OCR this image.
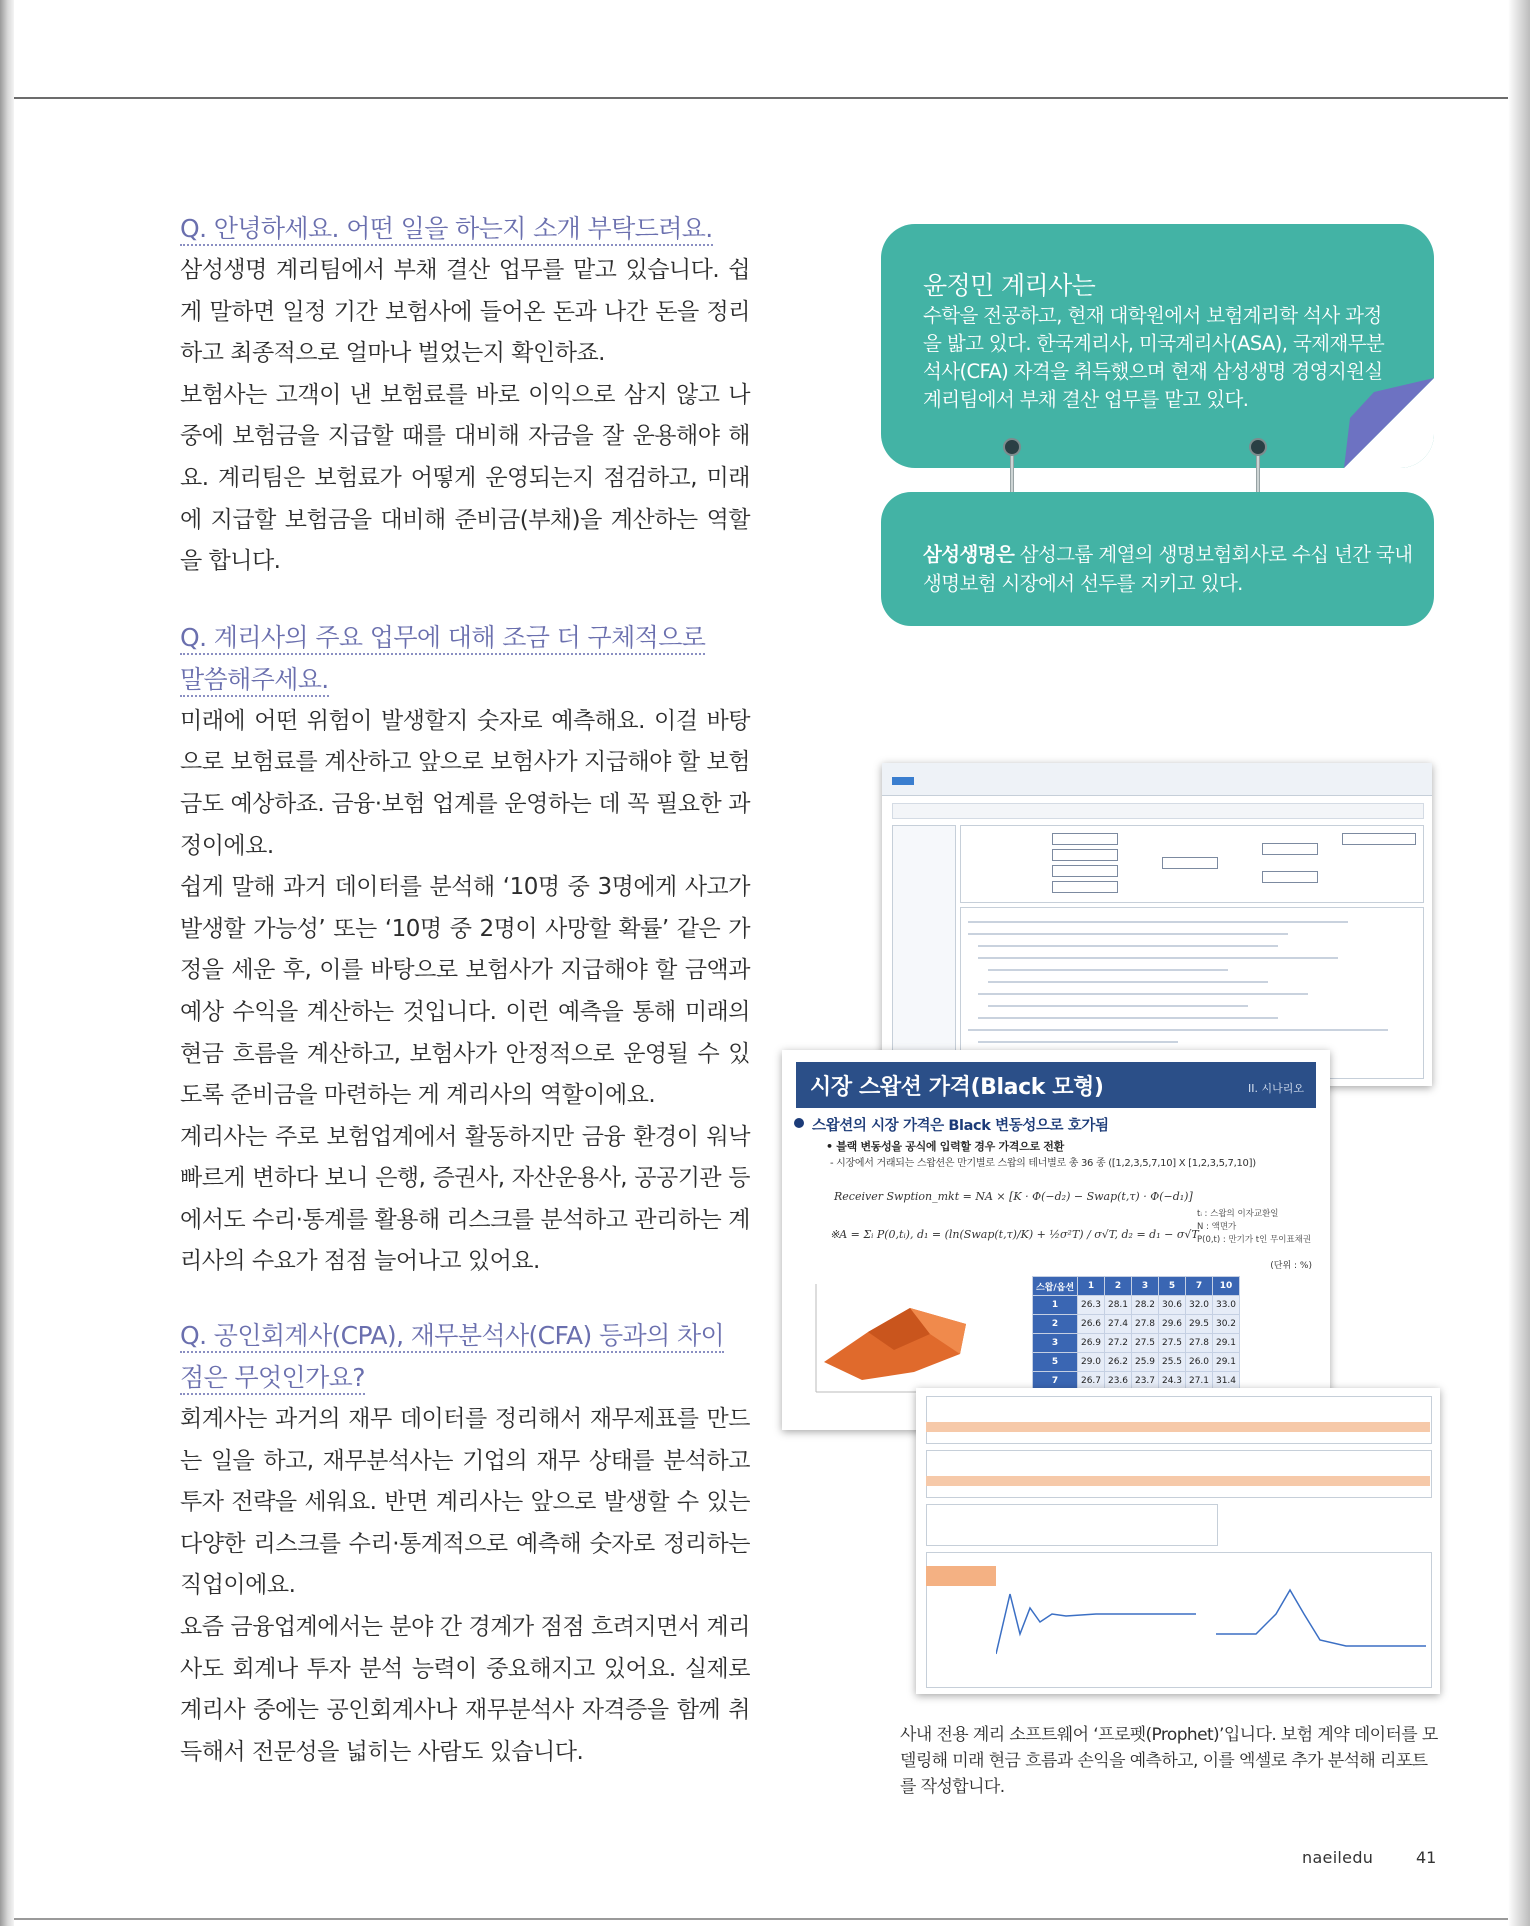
Q. 안녕하세요. 어떤 일을 하는지 소개 부탁드려요.

삼성생명 계리팀에서 부채 결산 업무를 맡고 있습니다. 쉽게 말하면 일정 기간 보험사에 들어온 돈과 나간 돈을 정리하고 최종적으로 얼마나 벌었는지 확인하죠.

보험사는 고객이 낸 보험료를 바로 이익으로 삼지 않고 나중에 보험금을 지급할 때를 대비해 자금을 잘 운용해야 해요. 계리팀은 보험료가 어떻게 운영되는지 점검하고, 미래에 지급할 보험금을 대비해 준비금(부채)을 계산하는 역할을 합니다.

Q. 계리사의 주요 업무에 대해 조금 더 구체적으로
말씀해주세요.

미래에 어떤 위험이 발생할지 숫자로 예측해요. 이걸 바탕으로 보험료를 계산하고 앞으로 보험사가 지급해야 할 보험금도 예상하죠. 금융·보험 업계를 운영하는 데 꼭 필요한 과정이에요.

쉽게 말해 과거 데이터를 분석해 ‘10명 중 3명에게 사고가 발생할 가능성’ 또는 ‘10명 중 2명이 사망할 확률’ 같은 가정을 세운 후, 이를 바탕으로 보험사가 지급해야 할 금액과 예상 수익을 계산하는 것입니다. 이런 예측을 통해 미래의 현금 흐름을 계산하고, 보험사가 안정적으로 운영될 수 있도록 준비금을 마련하는 게 계리사의 역할이에요.

계리사는 주로 보험업계에서 활동하지만 금융 환경이 워낙 빠르게 변하다 보니 은행, 증권사, 자산운용사, 공공기관 등에서도 수리·통계를 활용해 리스크를 분석하고 관리하는 계리사의 수요가 점점 늘어나고 있어요.

Q. 공인회계사(CPA), 재무분석사(CFA) 등과의 차이
점은 무엇인가요?

회계사는 과거의 재무 데이터를 정리해서 재무제표를 만드는 일을 하고, 재무분석사는 기업의 재무 상태를 분석하고 투자 전략을 세워요. 반면 계리사는 앞으로 발생할 수 있는 다양한 리스크를 수리·통계적으로 예측해 숫자로 정리하는 직업이에요.

요즘 금융업계에서는 분야 간 경계가 점점 흐려지면서 계리사도 회계나 투자 분석 능력이 중요해지고 있어요. 실제로 계리사 중에는 공인회계사나 재무분석사 자격증을 함께 취득해서 전문성을 넓히는 사람도 있습니다.

윤정민 계리사는
수학을 전공하고, 현재 대학원에서 보험계리학 석사 과정을 밟고 있다. 한국계리사, 미국계리사(ASA), 국제재무분석사(CFA) 자격을 취득했으며 현재 삼성생명 경영지원실 계리팀에서 부채 결산 업무를 맡고 있다.
삼성생명은 삼성그룹 계열의 생명보험회사로 수십 년간 국내 생명보험 시장에서 선두를 지키고 있다.
시장 스왑션 가격(Black 모형)	II. 시나리오
스왑션의 시장 가격은 Black 변동성으로 호가됨
• 블랙 변동성을 공식에 입력할 경우 가격으로 전환
- 시장에서 거래되는 스왑션은 만기별로 스왑의 테너별로 총 36 종 ([1,2,3,5,7,10] X [1,2,3,5,7,10])
Receiver Swption_mkt = NA × [K · Φ(−d₂) − Swap(t,τ) · Φ(−d₁)]
※A = Σᵢ P(0,tᵢ), d₁ = (ln(Swap(t,τ)/K) + ½σ²T) / σ√T, d₂ = d₁ − σ√T
tᵢ : 스왑의 이자교환일
N : 액면가
P(0,t) : 만기가 t인 무이표채권
(단위 : %)
스왑/옵션	1	2	3	5	7	10
1	26.3	28.1	28.2	30.6	32.0	33.0
2	26.6	27.4	27.8	29.6	29.5	30.2
3	26.9	27.2	27.5	27.5	27.8	29.1
5	29.0	26.2	25.9	25.5	26.0	29.1
7	26.7	23.6	23.7	24.3	27.1	31.4
사내 전용 계리 소프트웨어 ‘프로펫(Prophet)’입니다. 보험 계약 데이터를 모델링해 미래 현금 흐름과 손익을 예측하고, 이를 엑셀로 추가 분석해 리포트를 작성합니다.
naeiledu	41
